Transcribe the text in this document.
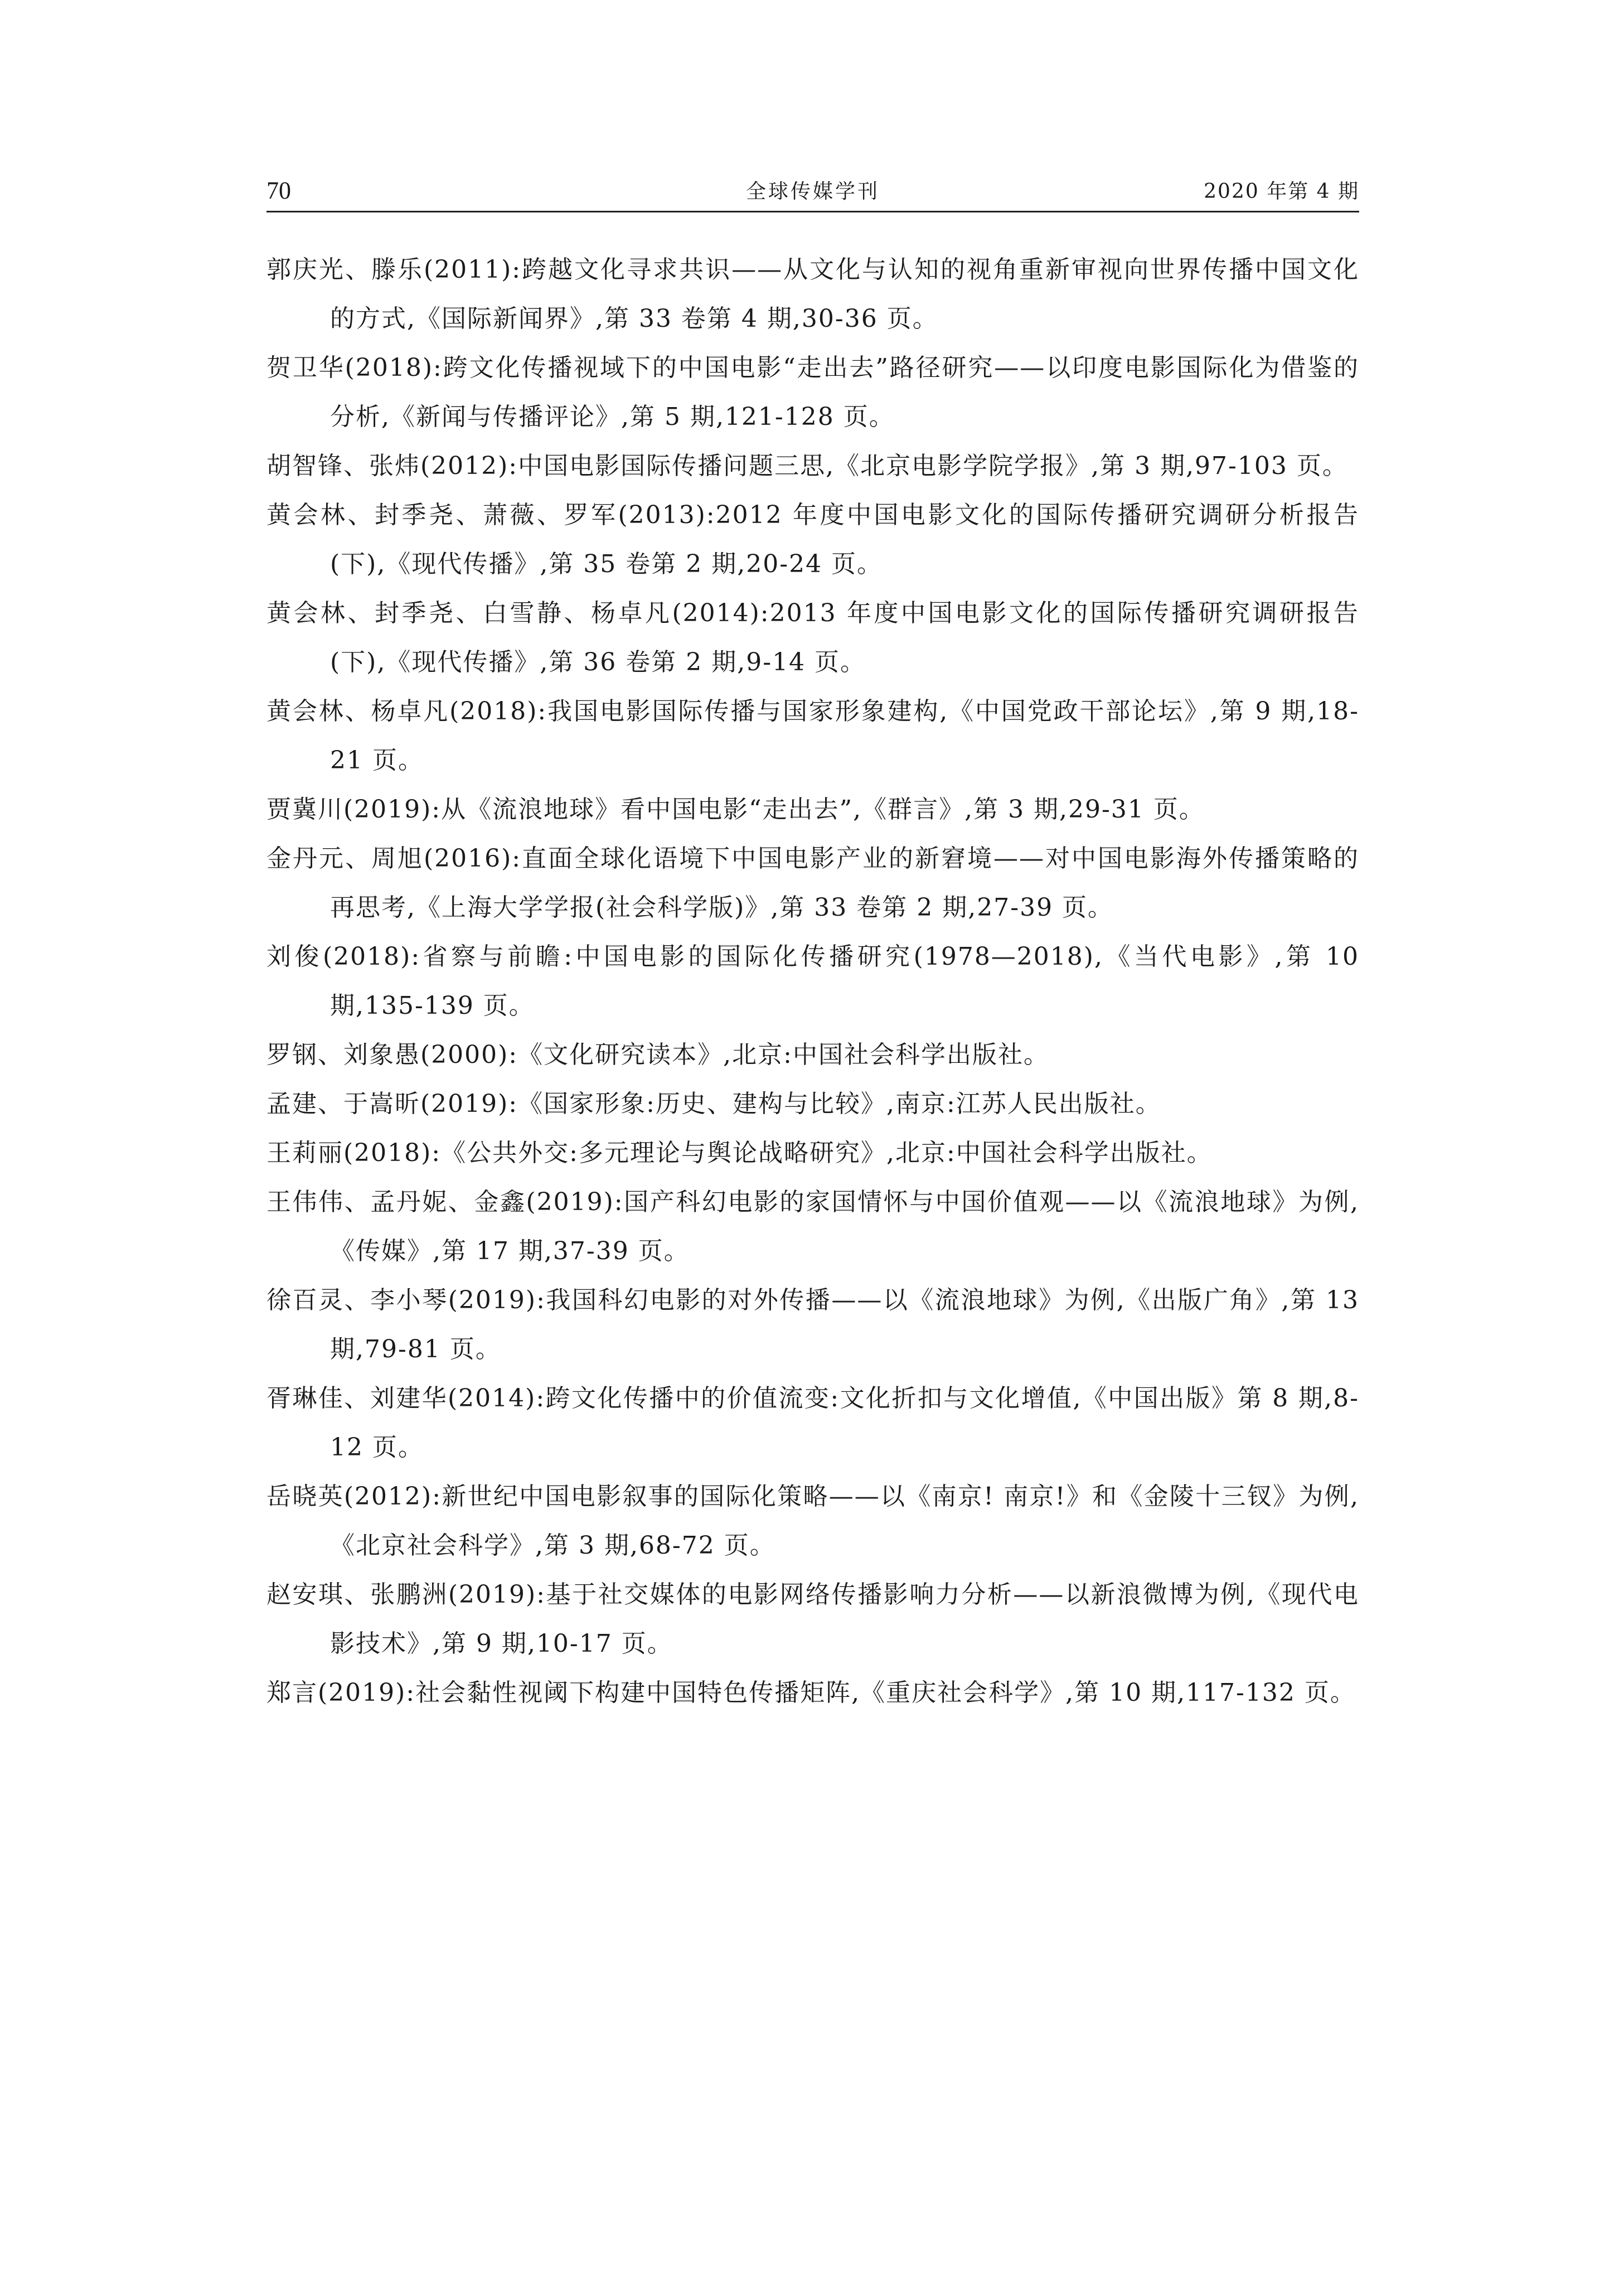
70	全球传媒学刊	2020 年第 4 期
郭庆光、滕乐(2011):跨越文化寻求共识——从文化与认知的视角重新审视向世界传播中国文化的方式,《国际新闻界》,第 33 卷第 4 期,30-36 页。
贺卫华(2018):跨文化传播视域下的中国电影“走出去”路径研究——以印度电影国际化为借鉴的分析,《新闻与传播评论》,第 5 期,121-128 页。
胡智锋、张炜(2012):中国电影国际传播问题三思,《北京电影学院学报》,第 3 期,97-103 页。
黄会林、封季尧、萧薇、罗军(2013):2012 年度中国电影文化的国际传播研究调研分析报告(下),《现代传播》,第 35 卷第 2 期,20-24 页。
黄会林、封季尧、白雪静、杨卓凡(2014):2013 年度中国电影文化的国际传播研究调研报告(下),《现代传播》,第 36 卷第 2 期,9-14 页。
黄会林、杨卓凡(2018):我国电影国际传播与国家形象建构,《中国党政干部论坛》,第 9 期,18-21 页。
贾冀川(2019):从《流浪地球》看中国电影“走出去”,《群言》,第 3 期,29-31 页。
金丹元、周旭(2016):直面全球化语境下中国电影产业的新窘境——对中国电影海外传播策略的再思考,《上海大学学报(社会科学版)》,第 33 卷第 2 期,27-39 页。
刘俊(2018):省察与前瞻:中国电影的国际化传播研究(1978—2018),《当代电影》,第 10 期,135-139 页。
罗钢、刘象愚(2000):《文化研究读本》,北京:中国社会科学出版社。
孟建、于嵩昕(2019):《国家形象:历史、建构与比较》,南京:江苏人民出版社。
王莉丽(2018):《公共外交:多元理论与舆论战略研究》,北京:中国社会科学出版社。
王伟伟、孟丹妮、金鑫(2019):国产科幻电影的家国情怀与中国价值观——以《流浪地球》为例,《传媒》,第 17 期,37-39 页。
徐百灵、李小琴(2019):我国科幻电影的对外传播——以《流浪地球》为例,《出版广角》,第 13 期,79-81 页。
胥琳佳、刘建华(2014):跨文化传播中的价值流变:文化折扣与文化增值,《中国出版》第 8 期,8-12 页。
岳晓英(2012):新世纪中国电影叙事的国际化策略——以《南京! 南京!》和《金陵十三钗》为例,《北京社会科学》,第 3 期,68-72 页。
赵安琪、张鹏洲(2019):基于社交媒体的电影网络传播影响力分析——以新浪微博为例,《现代电影技术》,第 9 期,10-17 页。
郑言(2019):社会黏性视阈下构建中国特色传播矩阵,《重庆社会科学》,第 10 期,117-132 页。
